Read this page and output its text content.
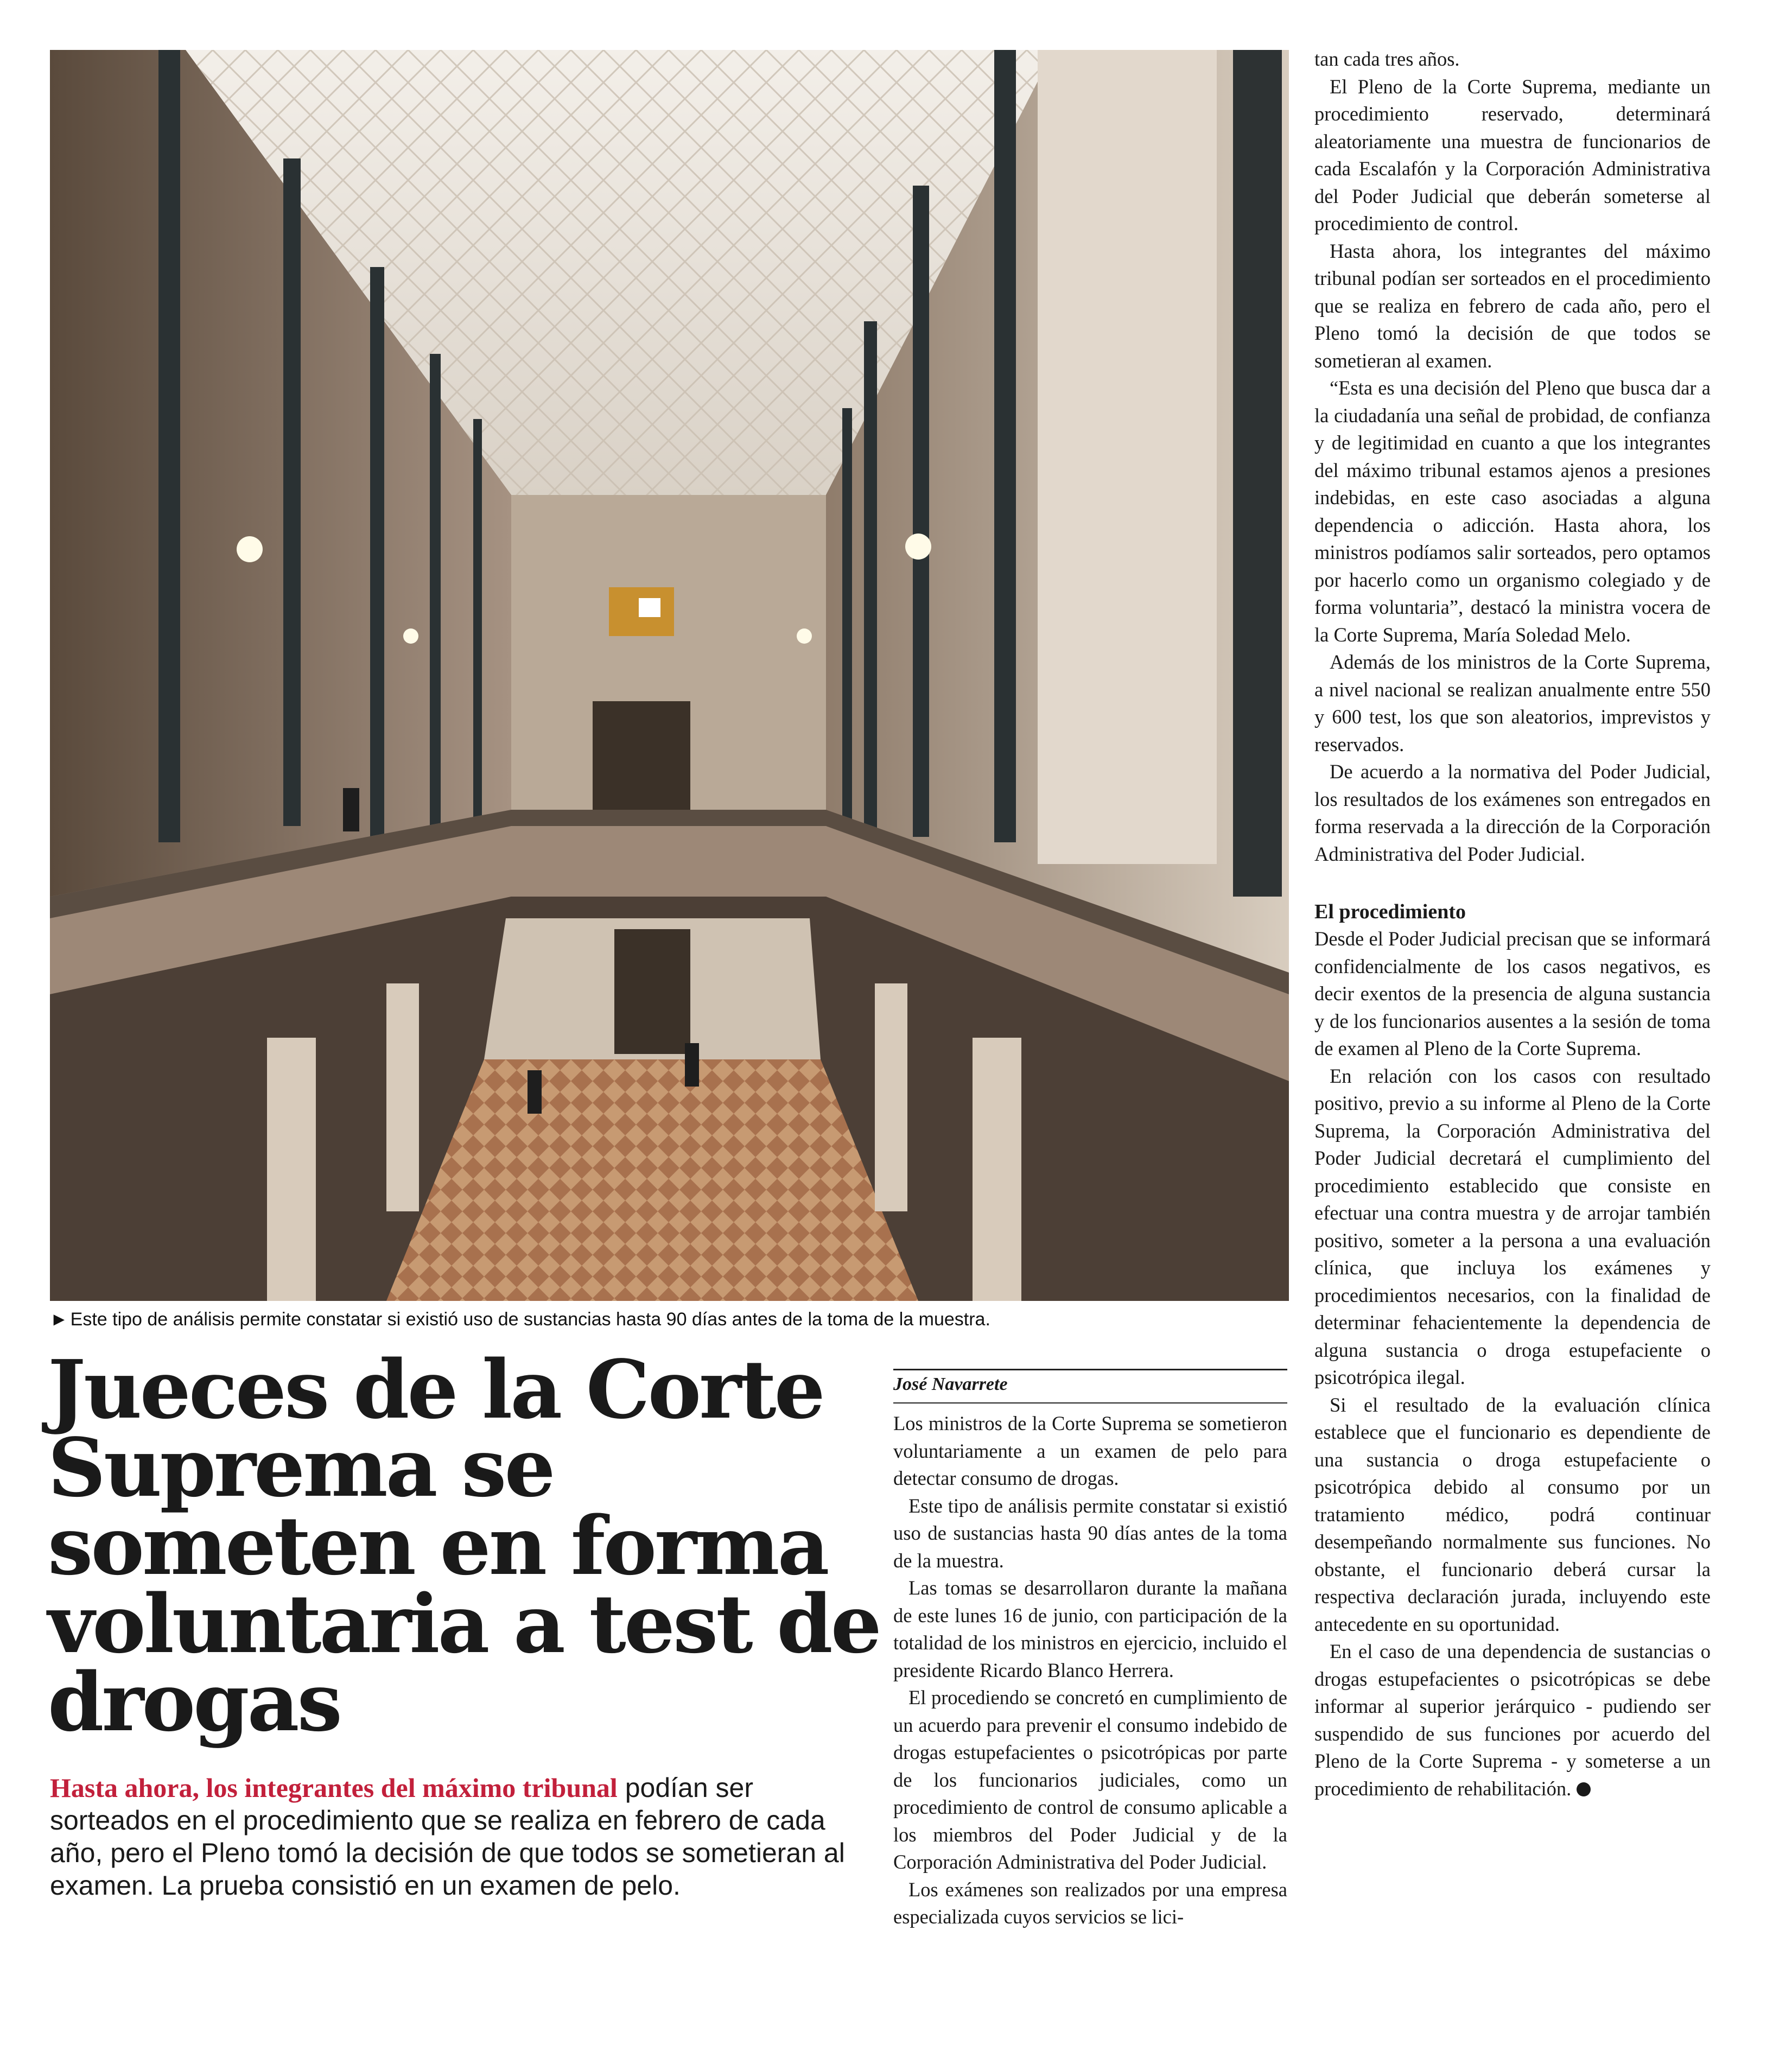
► Este tipo de análisis permite constatar si existió uso de sustancias hasta 90 días antes de la toma de la muestra.
Jueces de la Corte Suprema se someten en forma voluntaria a test de drogas
Hasta ahora, los integrantes del máximo tribunal podían ser sorteados en el procedimiento que se realiza en febrero de cada año, pero el Pleno tomó la decisión de que todos se sometieran al examen. La prueba consistió en un examen de pelo.
José Navarrete

Los ministros de la Corte Suprema se sometieron voluntariamente a un examen de pelo para detectar consumo de drogas.

Este tipo de análisis permite constatar si existió uso de sustancias hasta 90 días antes de la toma de la muestra.

Las tomas se desarrollaron durante la mañana de este lunes 16 de junio, con participación de la totalidad de los ministros en ejercicio, incluido el presidente Ricardo Blanco Herrera.

El procediendo se concretó en cumplimiento de un acuerdo para prevenir el consumo indebido de drogas estupefacientes o psicotrópicas por parte de los funcionarios judiciales, como un procedimiento de control de consumo aplicable a los miembros del Poder Judicial y de la Corporación Administrativa del Poder Judicial.

Los exámenes son realizados por una empresa especializada cuyos servicios se lici-

tan cada tres años.

El Pleno de la Corte Suprema, mediante un procedimiento reservado, determinará aleatoriamente una muestra de funcionarios de cada Escalafón y la Corporación Administrativa del Poder Judicial que deberán someterse al procedimiento de control.

Hasta ahora, los integrantes del máximo tribunal podían ser sorteados en el procedimiento que se realiza en febrero de cada año, pero el Pleno tomó la decisión de que todos se sometieran al examen.

“Esta es una decisión del Pleno que busca dar a la ciudadanía una señal de probidad, de confianza y de legitimidad en cuanto a que los integrantes del máximo tribunal estamos ajenos a presiones indebidas, en este caso asociadas a alguna dependencia o adicción. Hasta ahora, los ministros podíamos salir sorteados, pero optamos por hacerlo como un organismo colegiado y de forma voluntaria”, destacó la ministra vocera de la Corte Suprema, María Soledad Melo.

Además de los ministros de la Corte Suprema, a nivel nacional se realizan anualmente entre 550 y 600 test, los que son aleatorios, imprevistos y reservados.

De acuerdo a la normativa del Poder Judicial, los resultados de los exámenes son entregados en forma reservada a la dirección de la Corporación Administrativa del Poder Judicial.

El procedimiento

Desde el Poder Judicial precisan que se informará confidencialmente de los casos negativos, es decir exentos de la presencia de alguna sustancia y de los funcionarios ausentes a la sesión de toma de examen al Pleno de la Corte Suprema.

En relación con los casos con resultado positivo, previo a su informe al Pleno de la Corte Suprema, la Corporación Administrativa del Poder Judicial decretará el cumplimiento del procedimiento establecido que consiste en efectuar una contra muestra y de arrojar también positivo, someter a la persona a una evaluación clínica, que incluya los exámenes y procedimientos necesarios, con la finalidad de determinar fehacientemente la dependencia de alguna sustancia o droga estupefaciente o psicotrópica ilegal.

Si el resultado de la evaluación clínica establece que el funcionario es dependiente de una sustancia o droga estupefaciente o psicotrópica debido al consumo por un tratamiento médico, podrá continuar desempeñando normalmente sus funciones. No obstante, el funcionario deberá cursar la respectiva declaración jurada, incluyendo este antecedente en su oportunidad.

En el caso de una dependencia de sustancias o drogas estupefacientes o psicotrópicas se debe informar al superior jerárquico - pudiendo ser suspendido de sus funciones por acuerdo del Pleno de la Corte Suprema - y someterse a un procedimiento de rehabilitación.
